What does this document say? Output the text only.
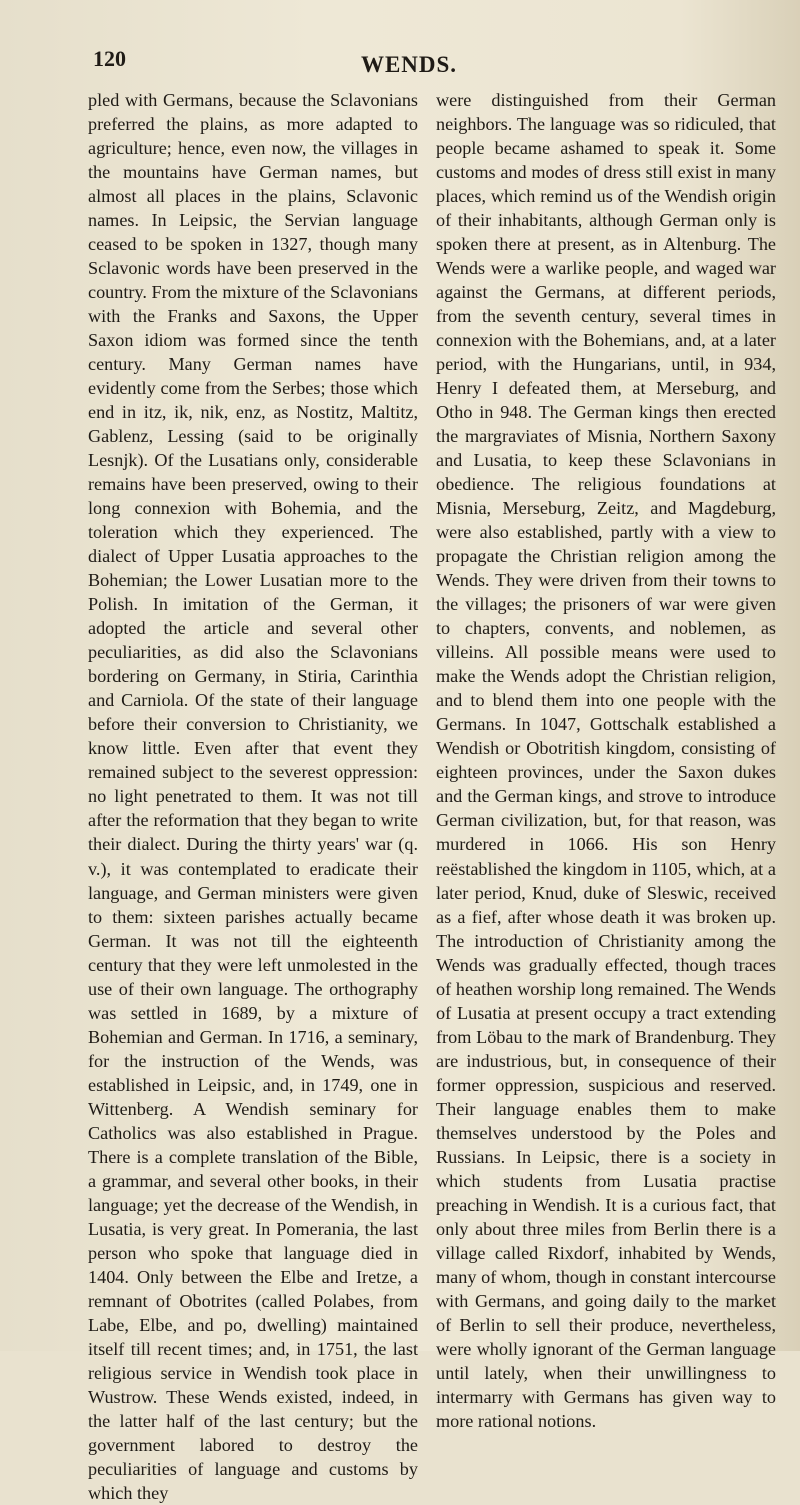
120	WENDS.

pled with Germans, because the Sclavonians preferred the plains, as more adapted to agriculture; hence, even now, the villages in the mountains have German names, but almost all places in the plains, Sclavonic names. In Leipsic, the Servian language ceased to be spoken in 1327, though many Sclavonic words have been preserved in the country. From the mixture of the Sclavonians with the Franks and Saxons, the Upper Saxon idiom was formed since the tenth century. Many German names have evidently come from the Serbes; those which end in itz, ik, nik, enz, as Nostitz, Maltitz, Gablenz, Lessing (said to be originally Lesnjk). Of the Lusatians only, considerable remains have been preserved, owing to their long connexion with Bohemia, and the toleration which they experienced. The dialect of Upper Lusatia approaches to the Bohemian; the Lower Lusatian more to the Polish. In imitation of the German, it adopted the article and several other peculiarities, as did also the Sclavonians bordering on Germany, in Stiria, Carinthia and Carniola. Of the state of their language before their conversion to Christianity, we know little. Even after that event they remained subject to the severest oppression: no light penetrated to them. It was not till after the reformation that they began to write their dialect. During the thirty years' war (q. v.), it was contemplated to eradicate their language, and German ministers were given to them: sixteen parishes actually became German. It was not till the eighteenth century that they were left unmolested in the use of their own language. The orthography was settled in 1689, by a mixture of Bohemian and German. In 1716, a seminary, for the instruction of the Wends, was established in Leipsic, and, in 1749, one in Wittenberg. A Wendish seminary for Catholics was also established in Prague. There is a complete translation of the Bible, a grammar, and several other books, in their language; yet the decrease of the Wendish, in Lusatia, is very great. In Pomerania, the last person who spoke that language died in 1404. Only between the Elbe and Iretze, a remnant of Obotrites (called Polabes, from Labe, Elbe, and po, dwelling) maintained itself till recent times; and, in 1751, the last religious service in Wendish took place in Wustrow. These Wends existed, indeed, in the latter half of the last century; but the government labored to destroy the peculiarities of language and customs by which they

were distinguished from their German neighbors. The language was so ridiculed, that people became ashamed to speak it. Some customs and modes of dress still exist in many places, which remind us of the Wendish origin of their inhabitants, although German only is spoken there at present, as in Altenburg. The Wends were a warlike people, and waged war against the Germans, at different periods, from the seventh century, several times in connexion with the Bohemians, and, at a later period, with the Hungarians, until, in 934, Henry I defeated them, at Merseburg, and Otho in 948. The German kings then erected the margraviates of Misnia, Northern Saxony and Lusatia, to keep these Sclavonians in obedience. The religious foundations at Misnia, Merseburg, Zeitz, and Magdeburg, were also established, partly with a view to propagate the Christian religion among the Wends. They were driven from their towns to the villages; the prisoners of war were given to chapters, convents, and noblemen, as villeins. All possible means were used to make the Wends adopt the Christian religion, and to blend them into one people with the Germans. In 1047, Gottschalk established a Wendish or Obotritish kingdom, consisting of eighteen provinces, under the Saxon dukes and the German kings, and strove to introduce German civilization, but, for that reason, was murdered in 1066. His son Henry reëstablished the kingdom in 1105, which, at a later period, Knud, duke of Sleswic, received as a fief, after whose death it was broken up. The introduction of Christianity among the Wends was gradually effected, though traces of heathen worship long remained. The Wends of Lusatia at present occupy a tract extending from Löbau to the mark of Brandenburg. They are industrious, but, in consequence of their former oppression, suspicious and reserved. Their language enables them to make themselves understood by the Poles and Russians. In Leipsic, there is a society in which students from Lusatia practise preaching in Wendish. It is a curious fact, that only about three miles from Berlin there is a village called Rixdorf, inhabited by Wends, many of whom, though in constant intercourse with Germans, and going daily to the market of Berlin to sell their produce, nevertheless, were wholly ignorant of the German language until lately, when their unwillingness to intermarry with Germans has given way to more rational notions.
